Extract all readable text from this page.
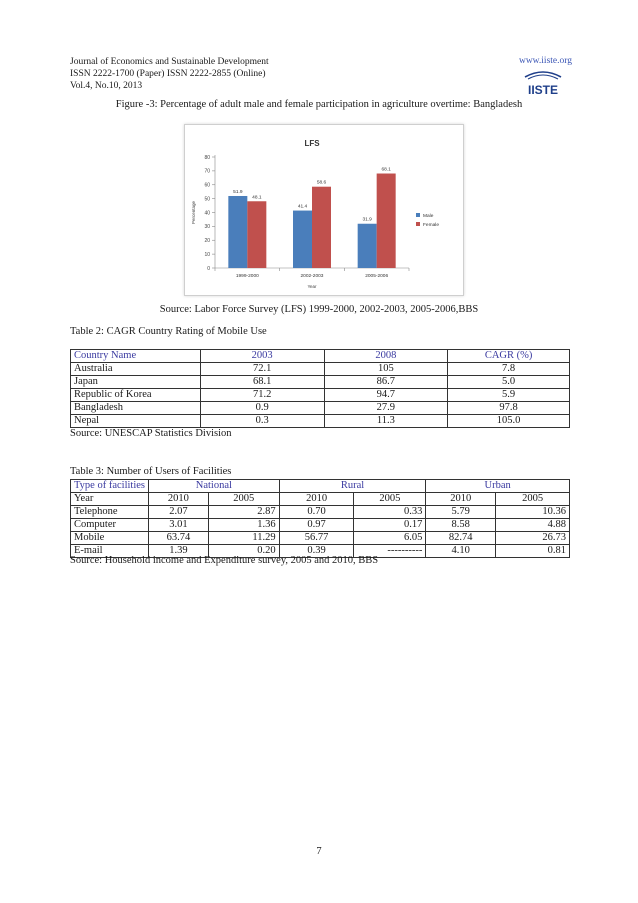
Journal of Economics and Sustainable Development
ISSN 2222-1700 (Paper) ISSN 2222-2855 (Online)
Vol.4, No.10, 2013
www.iiste.org
IISTE
Figure -3: Percentage of adult male and female participation in agriculture overtime: Bangladesh
LFS
0
10
20
30
40
50
60
70
80
Percentage
51.9
48.1
1999-2000
41.4
58.6
2002-2003
31.9
68.1
2005-2006
Year
Male
Female
Source: Labor Force Survey (LFS) 1999-2000, 2002-2003, 2005-2006,BBS
Table 2: CAGR Country Rating of Mobile Use
Country Name	2003	2008	CAGR (%)
Australia	72.1	105	7.8
Japan	68.1	86.7	5.0
Republic of Korea	71.2	94.7	5.9
Bangladesh	0.9	27.9	97.8
Nepal	0.3	11.3	105.0
Source: UNESCAP Statistics Division
Table 3: Number of Users of Facilities
Type of facilities	National		Rural		Urban	
Year	2010	2005	2010	2005	2010	2005
Telephone	2.07	2.87	0.70	0.33	5.79	10.36
Computer	3.01	1.36	0.97	0.17	8.58	4.88
Mobile	63.74	11.29	56.77	6.05	82.74	26.73
E-mail	1.39	0.20	0.39	----------	4.10	0.81
Source: Household income and Expenditure survey, 2005 and 2010, BBS
7
